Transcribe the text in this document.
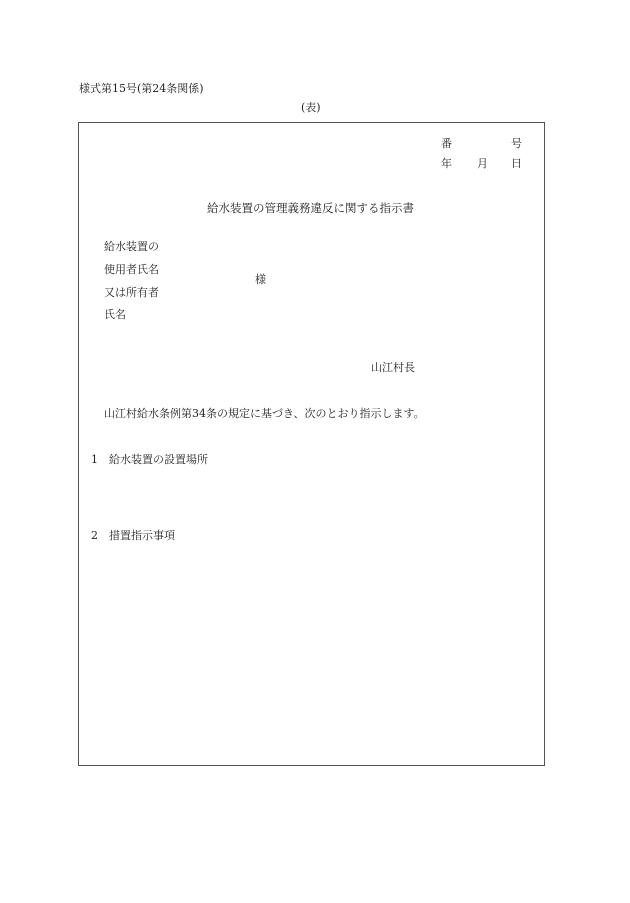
様式第15号(第24条関係)
(表)
番	号
年 月 日
給水装置の管理義務違反に関する指示書
給水装置の
使用者氏名
又は所有者
氏名
様
山江村長
山江村給水条例第34条の規定に基づき、次のとおり指示します。
1 給水装置の設置場所
2 措置指示事項
